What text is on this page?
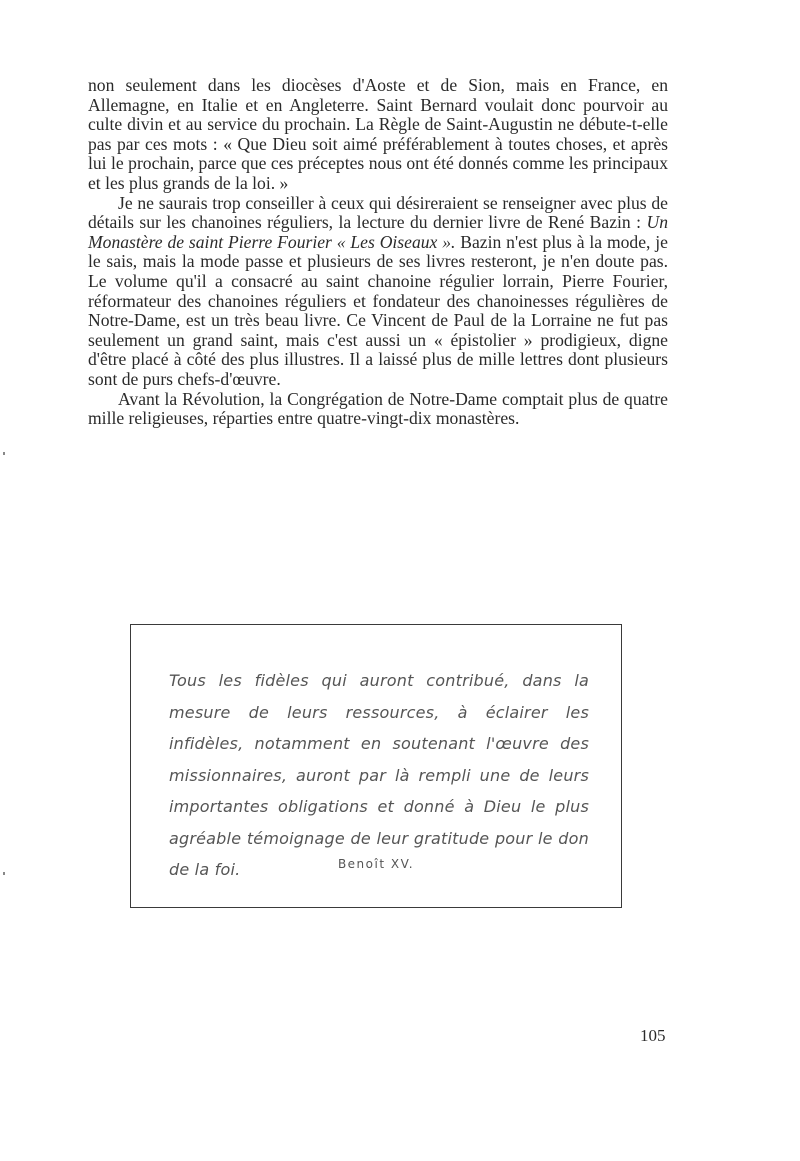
non seulement dans les diocèses d'Aoste et de Sion, mais en France, en Allemagne, en Italie et en Angleterre. Saint Bernard voulait donc pourvoir au culte divin et au service du prochain. La Règle de Saint-Augustin ne débute-t-elle pas par ces mots : « Que Dieu soit aimé préférablement à toutes choses, et après lui le prochain, parce que ces préceptes nous ont été donnés comme les principaux et les plus grands de la loi. »

Je ne saurais trop conseiller à ceux qui désireraient se renseigner avec plus de détails sur les chanoines réguliers, la lecture du dernier livre de René Bazin : Un Monastère de saint Pierre Fourier « Les Oiseaux ». Bazin n'est plus à la mode, je le sais, mais la mode passe et plusieurs de ses livres resteront, je n'en doute pas. Le volume qu'il a consacré au saint chanoine régulier lorrain, Pierre Fourier, réformateur des chanoines réguliers et fondateur des chanoinesses régulières de Notre-Dame, est un très beau livre. Ce Vincent de Paul de la Lorraine ne fut pas seulement un grand saint, mais c'est aussi un « épistolier » prodigieux, digne d'être placé à côté des plus illustres. Il a laissé plus de mille lettres dont plusieurs sont de purs chefs-d'œuvre.

Avant la Révolution, la Congrégation de Notre-Dame comptait plus de quatre mille religieuses, réparties entre quatre-vingt-dix monastères.

Tous les fidèles qui auront contribué, dans la mesure de leurs ressources, à éclairer les infidèles, notamment en soutenant l'œuvre des missionnaires, auront par là rempli une de leurs importantes obligations et donné à Dieu le plus agréable témoignage de leur gratitude pour le don de la foi.	Benoît XV.
105
